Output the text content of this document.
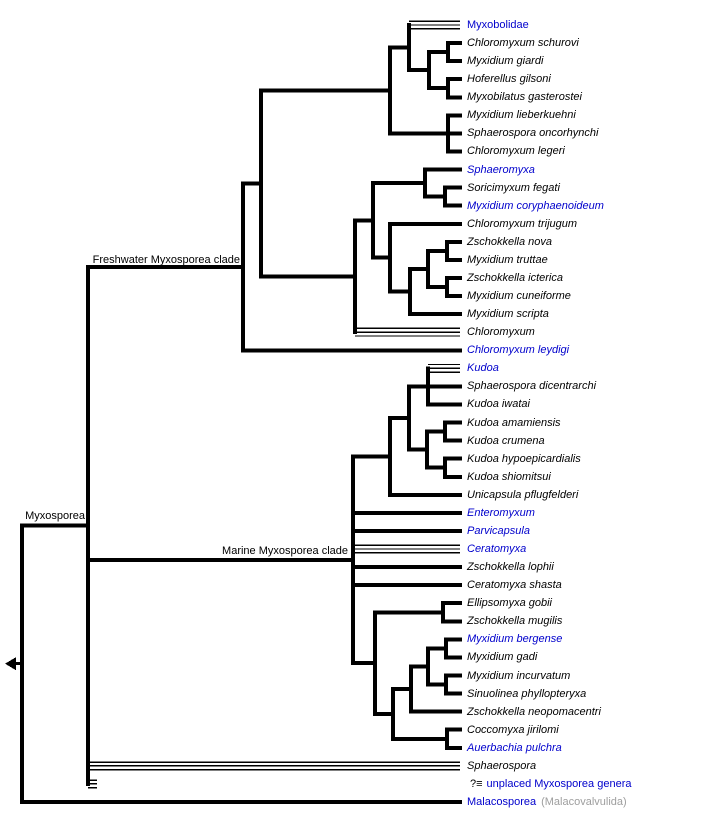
Myxobolidae
Chloromyxum schurovi
Myxidium giardi
Hoferellus gilsoni
Myxobilatus gasterostei
Myxidium lieberkuehni
Sphaerospora oncorhynchi
Chloromyxum legeri
Sphaeromyxa
Soricimyxum fegati
Myxidium coryphaenoideum
Chloromyxum trijugum
Zschokkella nova
Myxidium truttae
Zschokkella icterica
Myxidium cuneiforme
Myxidium scripta
Chloromyxum
Chloromyxum leydigi
Kudoa
Sphaerospora dicentrarchi
Kudoa iwatai
Kudoa amamiensis
Kudoa crumena
Kudoa hypoepicardialis
Kudoa shiomitsui
Unicapsula pflugfelderi
Enteromyxum
Parvicapsula
Ceratomyxa
Zschokkella lophii
Ceratomyxa shasta
Ellipsomyxa gobii
Zschokkella mugilis
Myxidium bergense
Myxidium gadi
Myxidium incurvatum
Sinuolinea phyllopteryxa
Zschokkella neopomacentri
Coccomyxa jirilomi
Auerbachia pulchra
Sphaerospora
?≡ unplaced Myxosporea genera
Malacosporea (Malacovalvulida)
Myxosporea
Freshwater Myxosporea clade
Marine Myxosporea clade
